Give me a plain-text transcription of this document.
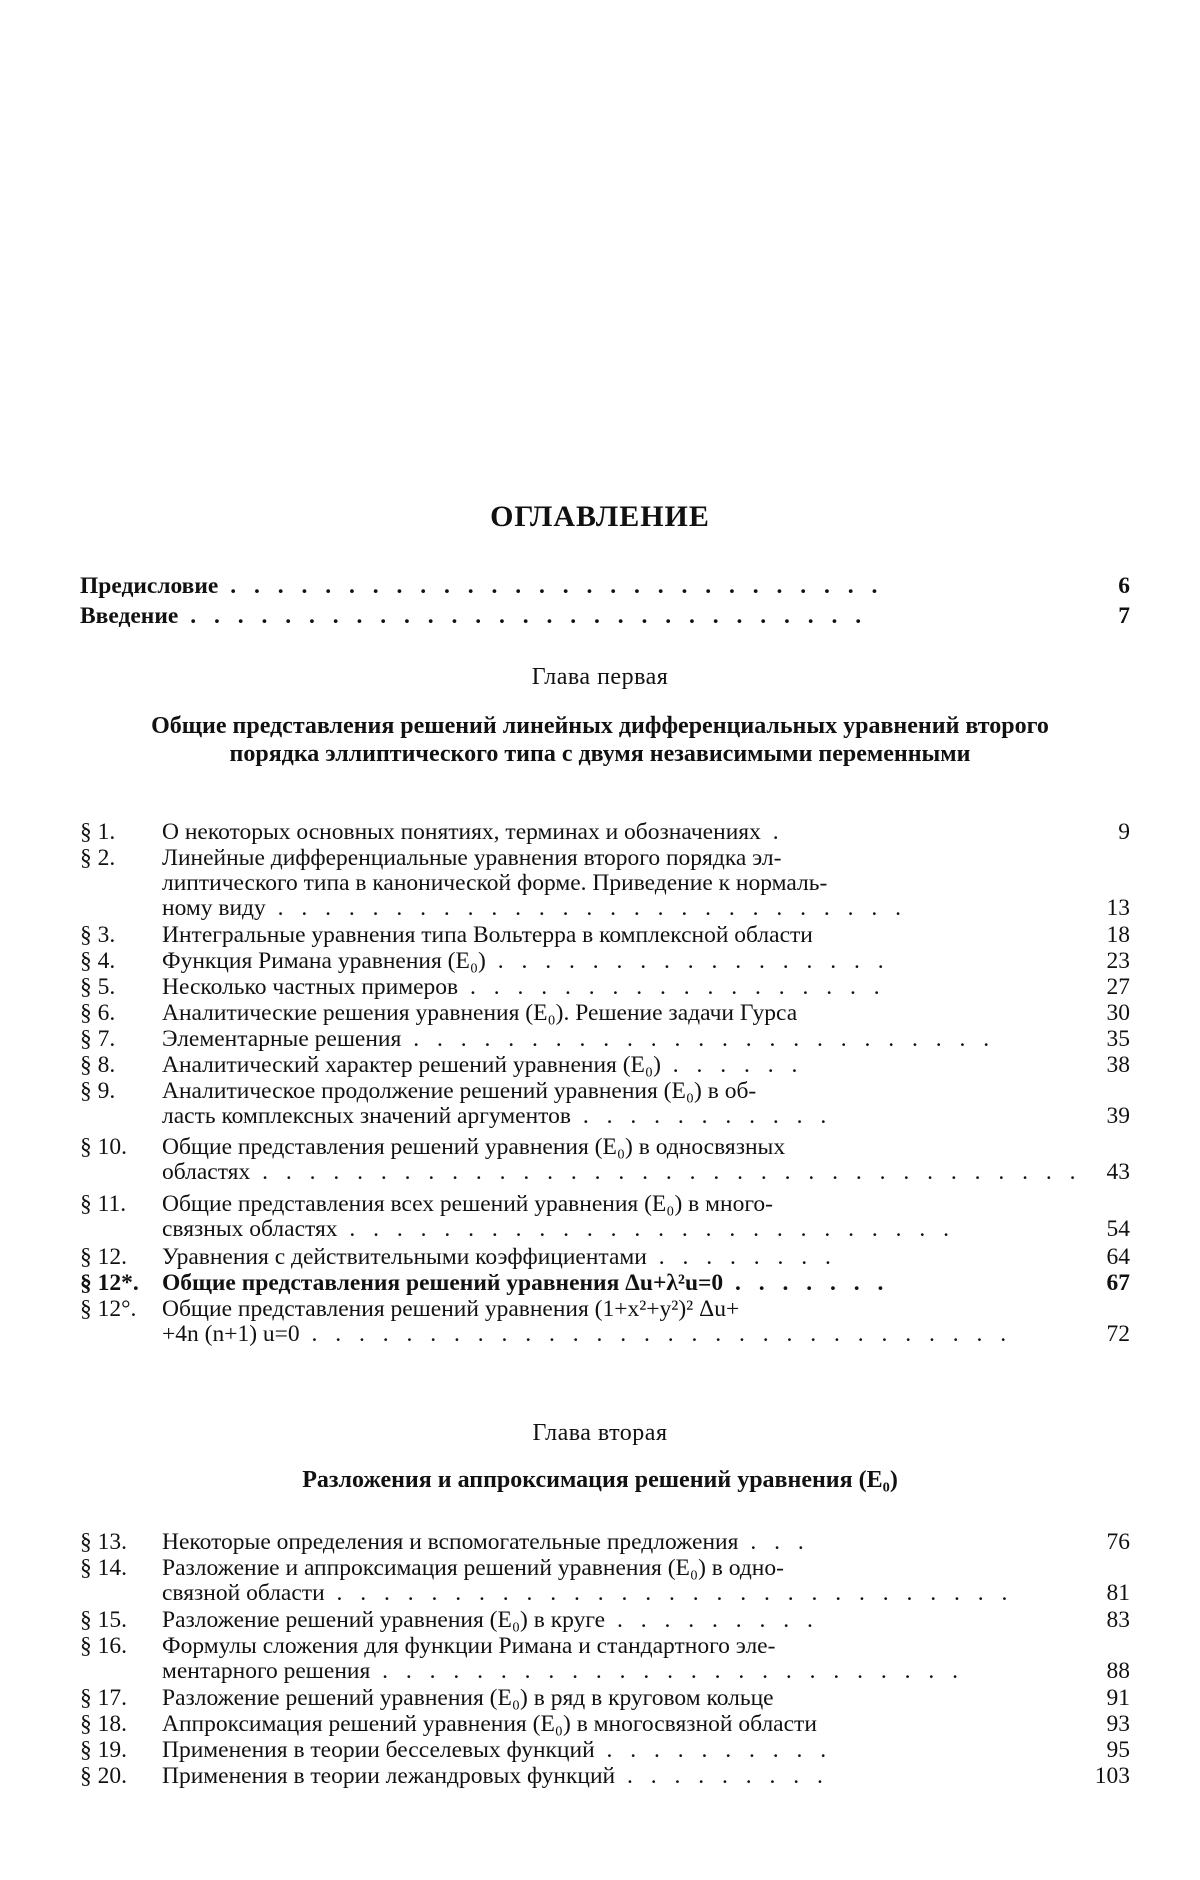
ОГЛАВЛЕНИЕ
Предисловие . . . . . . . . . . . . . . . . . . . . . . . . . . . .	6
Введение . . . . . . . . . . . . . . . . . . . . . . . . . . . . .	7
Глава первая
Общие представления решений линейных дифференциальных уравнений второго порядка эллиптического типа с двумя независимыми переменными
§ 1.	О некоторых основных понятиях, терминах и обозначениях .	9
§ 2.	Линейные дифференциальные уравнения второго порядка эл-
липтического типа в канонической форме. Приведение к нормаль-
ному виду . . . . . . . . . . . . . . . . . . . . . . . . . . .	13
§ 3.	Интегральные уравнения типа Вольтерра в комплексной области	18
§ 4.	Функция Римана уравнения (E₀) . . . . . . . . . . . . . . . . .	23
§ 5.	Несколько частных примеров . . . . . . . . . . . . . . . . . .	27
§ 6.	Аналитические решения уравнения (E₀). Решение задачи Гурса	30
§ 7.	Элементарные решения . . . . . . . . . . . . . . . . . . . . . . . . .	35
§ 8.	Аналитический характер решений уравнения (E₀) . . . . . .	38
§ 9.	Аналитическое продолжение решений уравнения (E₀) в об-
ласть комплексных значений аргументов . . . . . . . . . . .	39
§ 10.	Общие представления решений уравнения (E₀) в односвязных
областях . . . . . . . . . . . . . . . . . . . . . . . . . . . . . . . . . . .	43
§ 11.	Общие представления всех решений уравнения (E₀) в много-
связных областях . . . . . . . . . . . . . . . . . . . . . . . . . .	54
§ 12.	Уравнения с действительными коэффициентами . . . . . . . .	64
§ 12*. Общие представления решений уравнения Δu+λ²u=0 . . . . . . .	67
§ 12°.	Общие представления решений уравнения (1+x²+y²)² Δu+
+4n (n+1) u=0 . . . . . . . . . . . . . . . . . . . . . . . . . . . . . .	72
Глава вторая
Разложения и аппроксимация решений уравнения (E₀)
§ 13.	Некоторые определения и вспомогательные предложения . . .	76
§ 14.	Разложение и аппроксимация решений уравнения (E₀) в одно-
связной области . . . . . . . . . . . . . . . . . . . . . . . . . . . . .	81
§ 15.	Разложение решений уравнения (E₀) в круге . . . . . . . . .	83
§ 16.	Формулы сложения для функции Римана и стандартного эле-
ментарного решения . . . . . . . . . . . . . . . . . . . . . . . . .	88
§ 17.	Разложение решений уравнения (E₀) в ряд в круговом кольце	91
§ 18.	Аппроксимация решений уравнения (E₀) в многосвязной области	93
§ 19.	Применения в теории бесселевых функций . . . . . . . . . .	95
§ 20.	Применения в теории лежандровых функций . . . . . . . . .	103
